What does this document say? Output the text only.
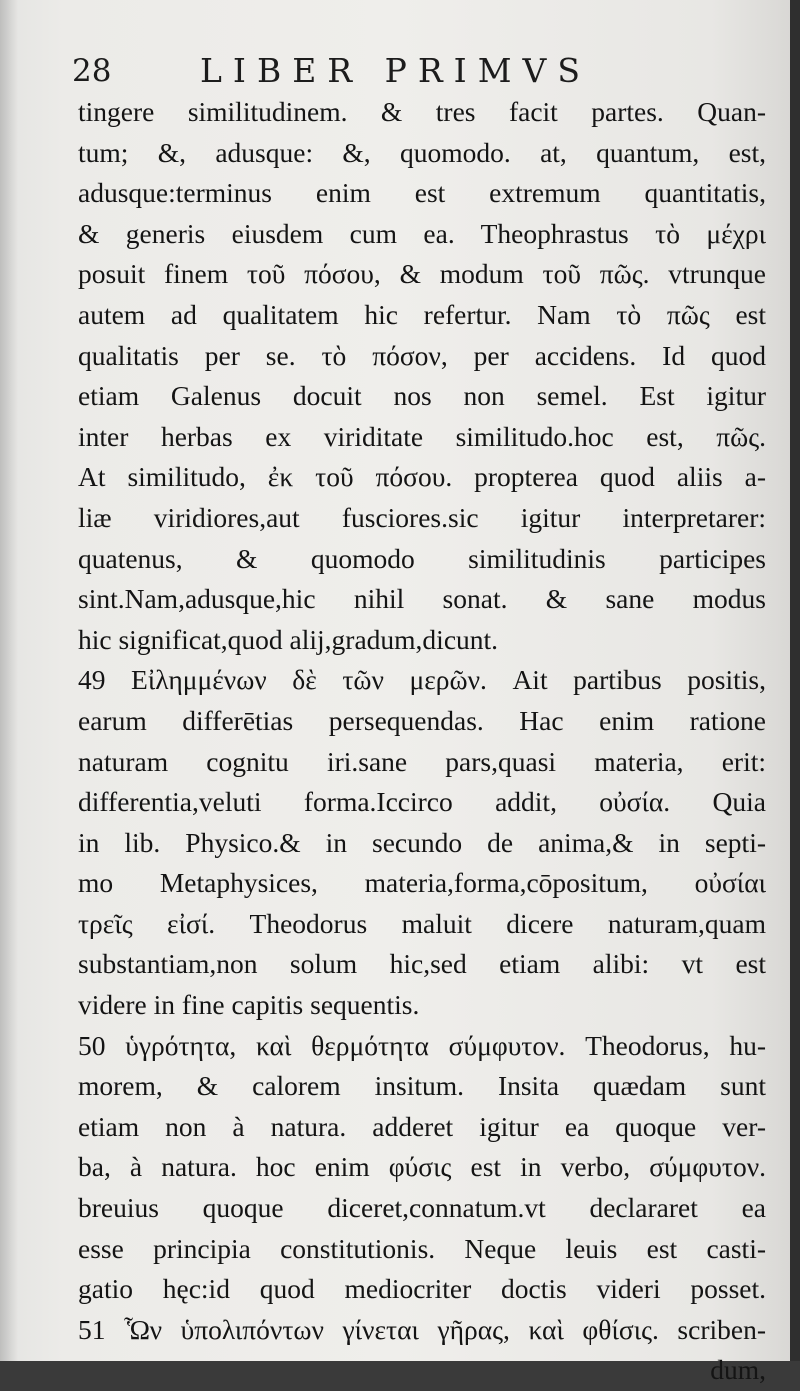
28	LIBER PRIMVS
tingere similitudinem. & tres facit partes. Quan-
tum; &, adusque: &, quomodo. at, quantum, est,
adusque:terminus enim est extremum quantitatis,
& generis eiusdem cum ea. Theophrastus τὸ μέχρι
posuit finem τοῦ πόσου, & modum τοῦ πῶς. vtrunque
autem ad qualitatem hic refertur. Nam τὸ πῶς est
qualitatis per se. τὸ πόσον, per accidens. Id quod
etiam Galenus docuit nos non semel. Est igitur
inter herbas ex viriditate similitudo.hoc est, πῶς.
At similitudo, ἐκ τοῦ πόσου. propterea quod aliis a-
liæ viridiores,aut fusciores.sic igitur interpretarer:
quatenus, & quomodo similitudinis participes
sint.Nam,adusque,hic nihil sonat. & sane modus
hic significat,quod alij,gradum,dicunt.
49 Εἰλημμένων δὲ τῶν μερῶν. Ait partibus positis,
earum differētias persequendas. Hac enim ratione
naturam cognitu iri.sane pars,quasi materia, erit:
differentia,veluti forma.Iccirco addit, οὐσία. Quia
in lib. Physico.& in secundo de anima,& in septi-
mo Metaphysices, materia,forma,cōpositum, οὐσίαι
τρεῖς εἰσί. Theodorus maluit dicere naturam,quam
substantiam,non solum hic,sed etiam alibi: vt est
videre in fine capitis sequentis.
50 ὑγρότητα, καὶ θερμότητα σύμφυτον. Theodorus, hu-
morem, & calorem insitum. Insita quædam sunt
etiam non à natura. adderet igitur ea quoque ver-
ba, à natura. hoc enim φύσις est in verbo, σύμφυτον.
breuius quoque diceret,connatum.vt declararet ea
esse principia constitutionis. Neque leuis est casti-
gatio hęc:id quod mediocriter doctis videri posset.
51 Ὧν ὑπολιπόντων γίνεται γῆρας, καὶ φθίσις. scriben-
dum,
